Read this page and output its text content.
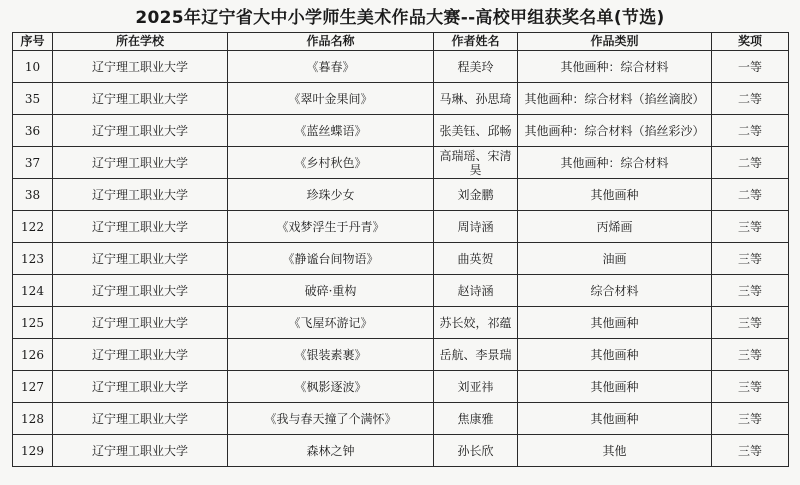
2025年辽宁省大中小学师生美术作品大赛--高校甲组获奖名单(节选)
序号	所在学校	作品名称	作者姓名	作品类别	奖项
10	辽宁理工职业大学	《暮春》	程美玲	其他画种：综合材料	一等
35	辽宁理工职业大学	《翠叶金果间》	马琳、孙思琦	其他画种：综合材料（掐丝滴胶）	二等
36	辽宁理工职业大学	《蓝丝蝶语》	张美钰、邱畅	其他画种：综合材料（掐丝彩沙）	二等
37	辽宁理工职业大学	《乡村秋色》	高瑞瑶、宋清昊	其他画种：综合材料	二等
38	辽宁理工职业大学	珍珠少女	刘金鹏	其他画种	二等
122	辽宁理工职业大学	《戏梦浮生于丹青》	周诗涵	丙烯画	三等
123	辽宁理工职业大学	《静谧台间物语》	曲英贺	油画	三等
124	辽宁理工职业大学	破碎·重构	赵诗涵	综合材料	三等
125	辽宁理工职业大学	《飞屋环游记》	苏长姣，祁蕴	其他画种	三等
126	辽宁理工职业大学	《银装素裹》	岳航、李景瑞	其他画种	三等
127	辽宁理工职业大学	《枫影逐波》	刘亚祎	其他画种	三等
128	辽宁理工职业大学	《我与春天撞了个满怀》	焦康雅	其他画种	三等
129	辽宁理工职业大学	森林之钟	孙长欣	其他	三等
